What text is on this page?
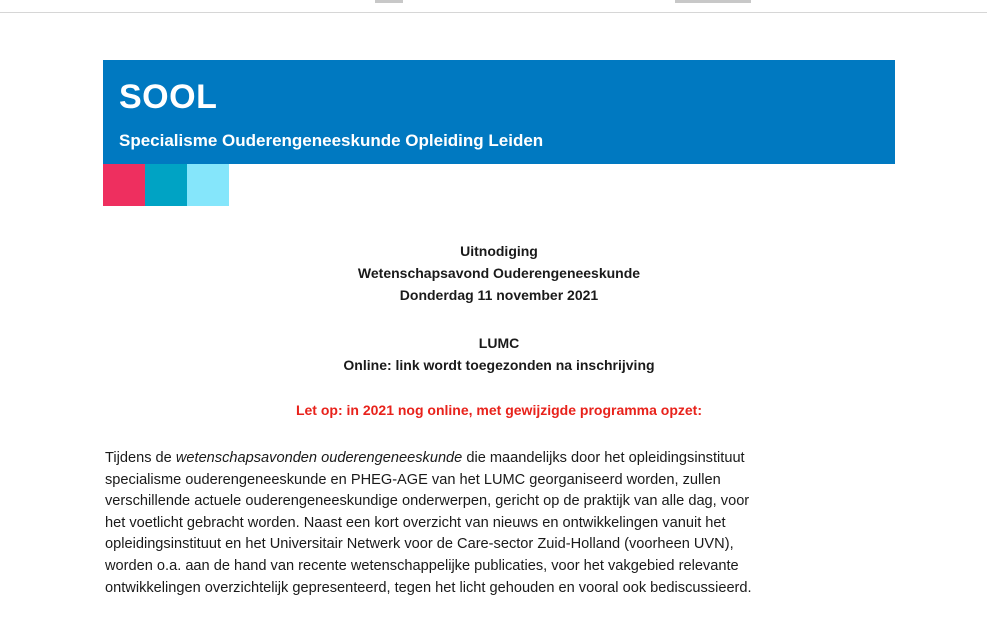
SOOL
Specialisme Ouderengeneeskunde Opleiding Leiden
Uitnodiging
Wetenschapsavond Ouderengeneeskunde
Donderdag 11 november 2021
LUMC
Online: link wordt toegezonden na inschrijving
Let op: in 2021 nog online, met gewijzigde programma opzet:
Tijdens de wetenschapsavonden ouderengeneeskunde die maandelijks door het opleidingsinstituut
specialisme ouderengeneeskunde en PHEG-AGE van het LUMC georganiseerd worden, zullen
verschillende actuele ouderengeneeskundige onderwerpen, gericht op de praktijk van alle dag, voor
het voetlicht gebracht worden. Naast een kort overzicht van nieuws en ontwikkelingen vanuit het
opleidingsinstituut en het Universitair Netwerk voor de Care-sector Zuid-Holland (voorheen UVN),
worden o.a. aan de hand van recente wetenschappelijke publicaties, voor het vakgebied relevante
ontwikkelingen overzichtelijk gepresenteerd, tegen het licht gehouden en vooral ook bediscussieerd.
